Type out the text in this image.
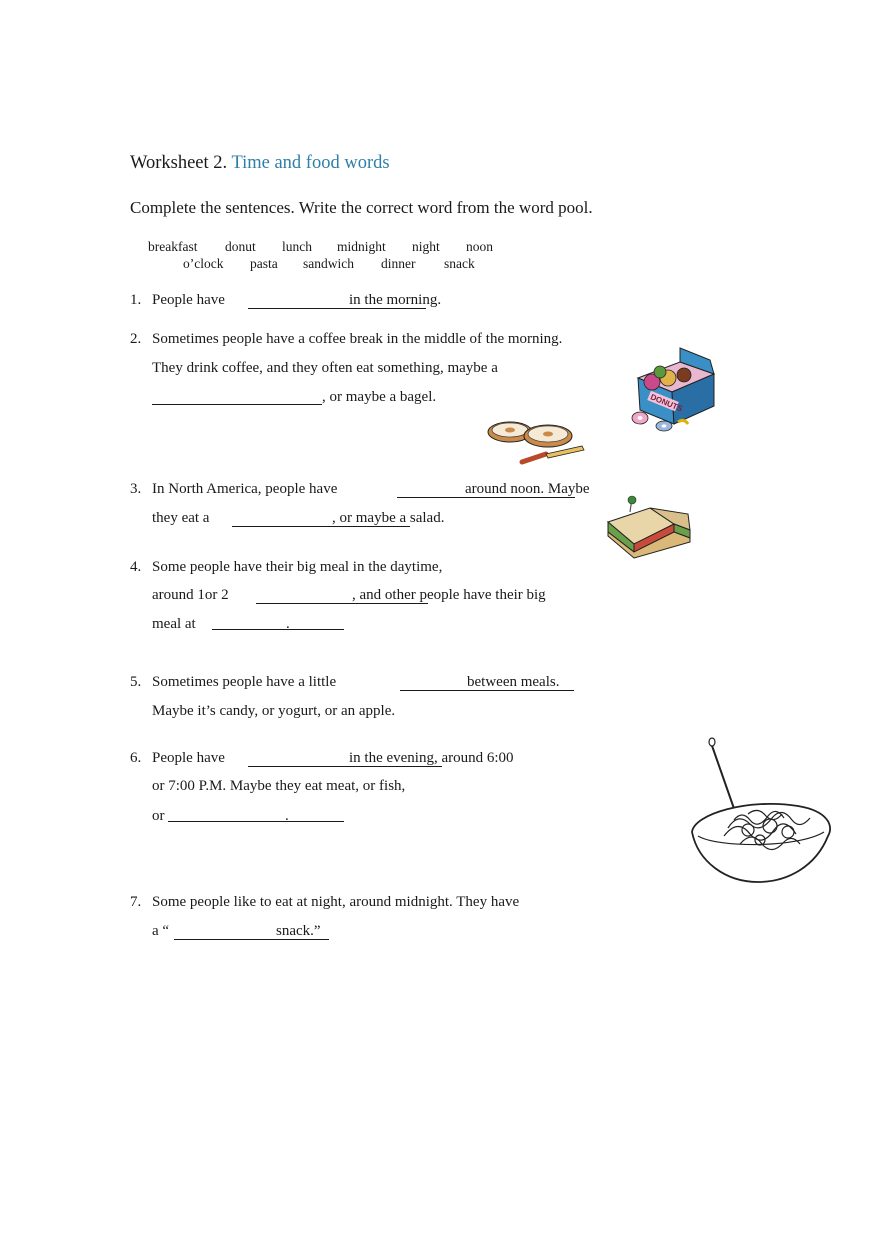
Worksheet 2. Time and food words
Complete the sentences. Write the correct word from the word pool.
breakfast donut lunch midnight night noon
o’clock pasta sandwich dinner snack
1. People have	in the morning.
2. Sometimes people have a coffee break in the middle of the morning.
They drink coffee, and they often eat something, maybe a
, or maybe a bagel.
3. In North America, people have	around noon. Maybe
they eat a	, or maybe a salad.
4. Some people have their big meal in the daytime,
around 1or 2	, and other people have their big
meal at	.
5. Sometimes people have a little	between meals.
Maybe it’s candy, or yogurt, or an apple.
6. People have	in the evening, around 6:00
or 7:00 P.M. Maybe they eat meat, or fish,
or	.
7. Some people like to eat at night, around midnight. They have
a “	snack.”
DONUTS
